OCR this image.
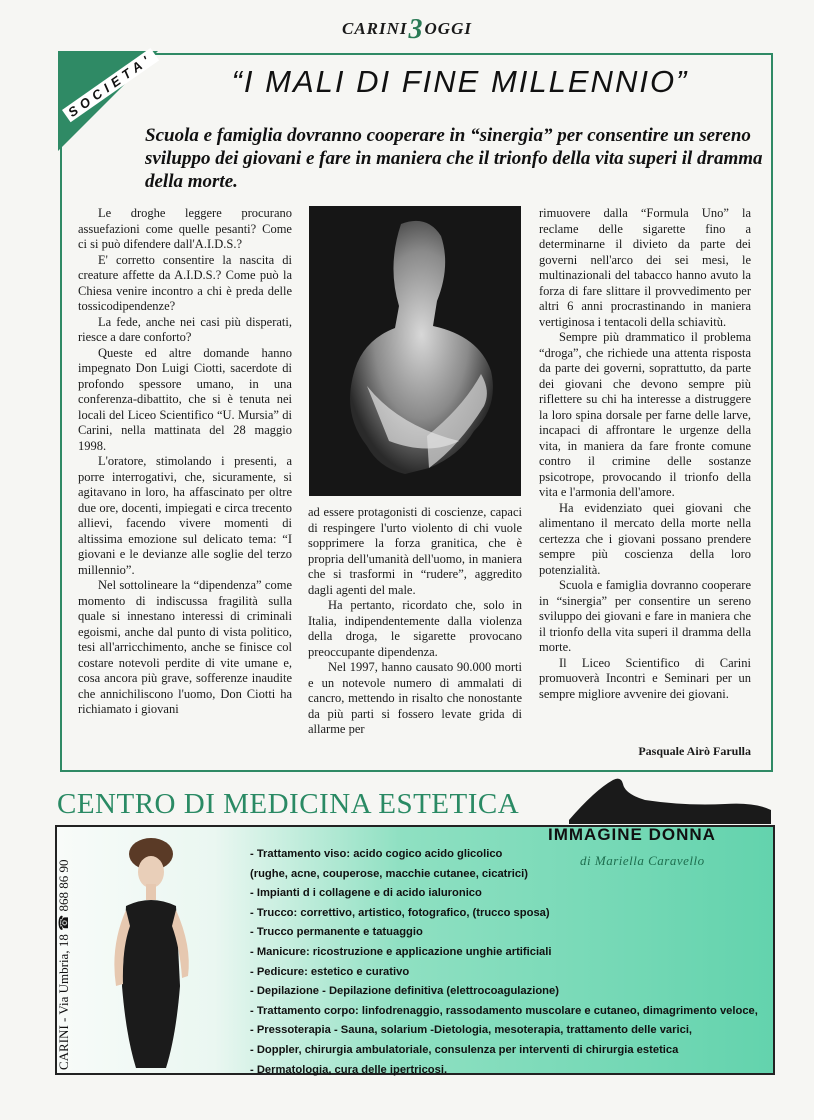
CARINI3OGGI
SOCIETA'	“I MALI DI FINE MILLENNIO”
Scuola e famiglia dovranno cooperare in “sinergia” per consentire un sereno sviluppo dei giovani e fare in maniera che il trionfo della vita superi il dramma della morte.

Le droghe leggere procurano assuefazioni come quelle pesanti? Come ci si può difendere dall'A.I.D.S.?

E' corretto consentire la nascita di creature affette da A.I.D.S.? Come può la Chiesa venire incontro a chi è preda delle tossicodipendenze?

La fede, anche nei casi più disperati, riesce a dare conforto?

Queste ed altre domande hanno impegnato Don Luigi Ciotti, sacerdote di profondo spessore umano, in una conferenza-dibattito, che si è tenuta nei locali del Liceo Scientifico “U. Mursia” di Carini, nella mattinata del 28 maggio 1998.

L'oratore, stimolando i presenti, a porre interrogativi, che, sicuramente, si agitavano in loro, ha affascinato per oltre due ore, docenti, impiegati e circa trecento allievi, facendo vivere momenti di altissima emozione sul delicato tema: “I giovani e le devianze alle soglie del terzo millennio”.

Nel sottolineare la “dipendenza” come momento di indiscussa fragilità sulla quale si innestano interessi di criminali egoismi, anche dal punto di vista politico, tesi all'arricchimento, anche se finisce col costare notevoli perdite di vite umane e, cosa ancora più grave, sofferenze inaudite che annichiliscono l'uomo, Don Ciotti ha richiamato i giovani

ad essere protagonisti di coscienze, capaci di respingere l'urto violento di chi vuole sopprimere la forza granitica, che è propria dell'umanità dell'uomo, in maniera che si trasformi in “rudere”, aggredito dagli agenti del male.

Ha pertanto, ricordato che, solo in Italia, indipendentemente dalla violenza della droga, le sigarette provocano preoccupante dipendenza.

Nel 1997, hanno causato 90.000 morti e un notevole numero di ammalati di cancro, mettendo in risalto che nonostante da più parti si fossero levate grida di allarme per

rimuovere dalla “Formula Uno” la reclame delle sigarette fino a determinarne il divieto da parte dei governi nell'arco dei sei mesi, le multinazionali del tabacco hanno avuto la forza di fare slittare il provvedimento per altri 6 anni procrastinando in maniera vertiginosa i tentacoli della schiavitù.

Sempre più drammatico il problema “droga”, che richiede una attenta risposta da parte dei governi, soprattutto, da parte dei giovani che devono sempre più riflettere su chi ha interesse a distruggere la loro spina dorsale per farne delle larve, incapaci di affrontare le urgenze della vita, in maniera da fare fronte comune contro il crimine delle sostanze psicotrope, provocando il trionfo della vita e l'armonia dell'amore.

Ha evidenziato quei giovani che alimentano il mercato della morte nella certezza che i giovani possano prendere sempre più coscienza della loro potenzialità.

Scuola e famiglia dovranno cooperare in “sinergia” per consentire un sereno sviluppo dei giovani e fare in maniera che il trionfo della vita superi il dramma della morte.

Il Liceo Scientifico di Carini promuoverà Incontri e Seminari per un sempre migliore avvenire dei giovani.

Pasquale Airò Farulla
CENTRO DI MEDICINA ESTETICA
IMMAGINE DONNA
di Mariella Caravello
CARINI - Via Umbria, 18 ☎ 868 86 90
- Trattamento viso: acido cogico acido glicolico
(rughe, acne, couperose, macchie cutanee, cicatrici)
- Impianti d i collagene e di acido ialuronico
- Trucco: correttivo, artistico, fotografico, (trucco sposa)
- Trucco permanente e tatuaggio
- Manicure: ricostruzione e applicazione unghie artificiali
- Pedicure: estetico e curativo
- Depilazione - Depilazione definitiva (elettrocoagulazione)
- Trattamento corpo: linfodrenaggio, rassodamento muscolare e cutaneo, dimagrimento veloce,
- Pressoterapia - Sauna, solarium -Dietologia, mesoterapia, trattamento delle varici,
- Doppler, chirurgia ambulatoriale, consulenza per interventi di chirurgia estetica
- Dermatologia, cura delle ipertricosi.
